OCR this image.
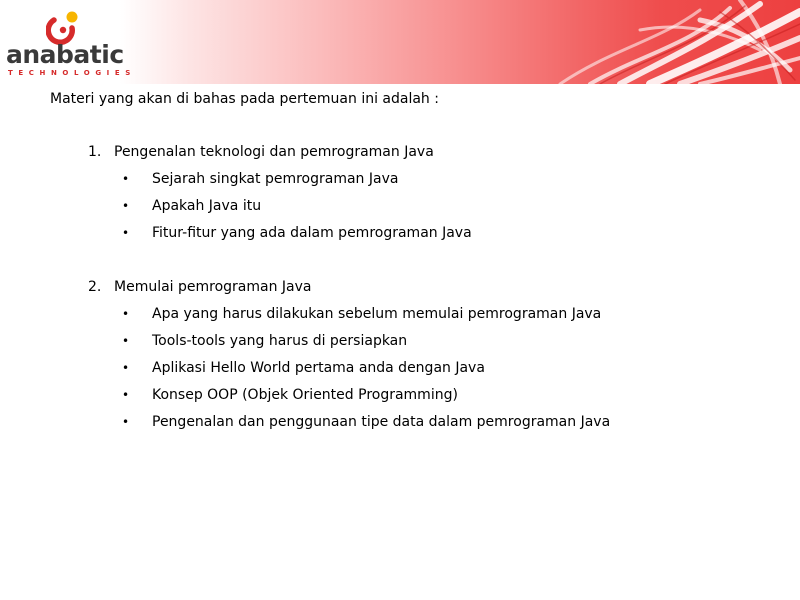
anabatic
TECHNOLOGIES
Materi yang akan di bahas pada pertemuan ini adalah :
1. Pengenalan teknologi dan pemrograman Java
• Sejarah singkat pemrograman Java
• Apakah Java itu
• Fitur-fitur yang ada dalam pemrograman Java
2. Memulai pemrograman Java
• Apa yang harus dilakukan sebelum memulai pemrograman Java
• Tools-tools yang harus di persiapkan
• Aplikasi Hello World pertama anda dengan Java
• Konsep OOP (Objek Oriented Programming)
• Pengenalan dan penggunaan tipe data dalam pemrograman Java
